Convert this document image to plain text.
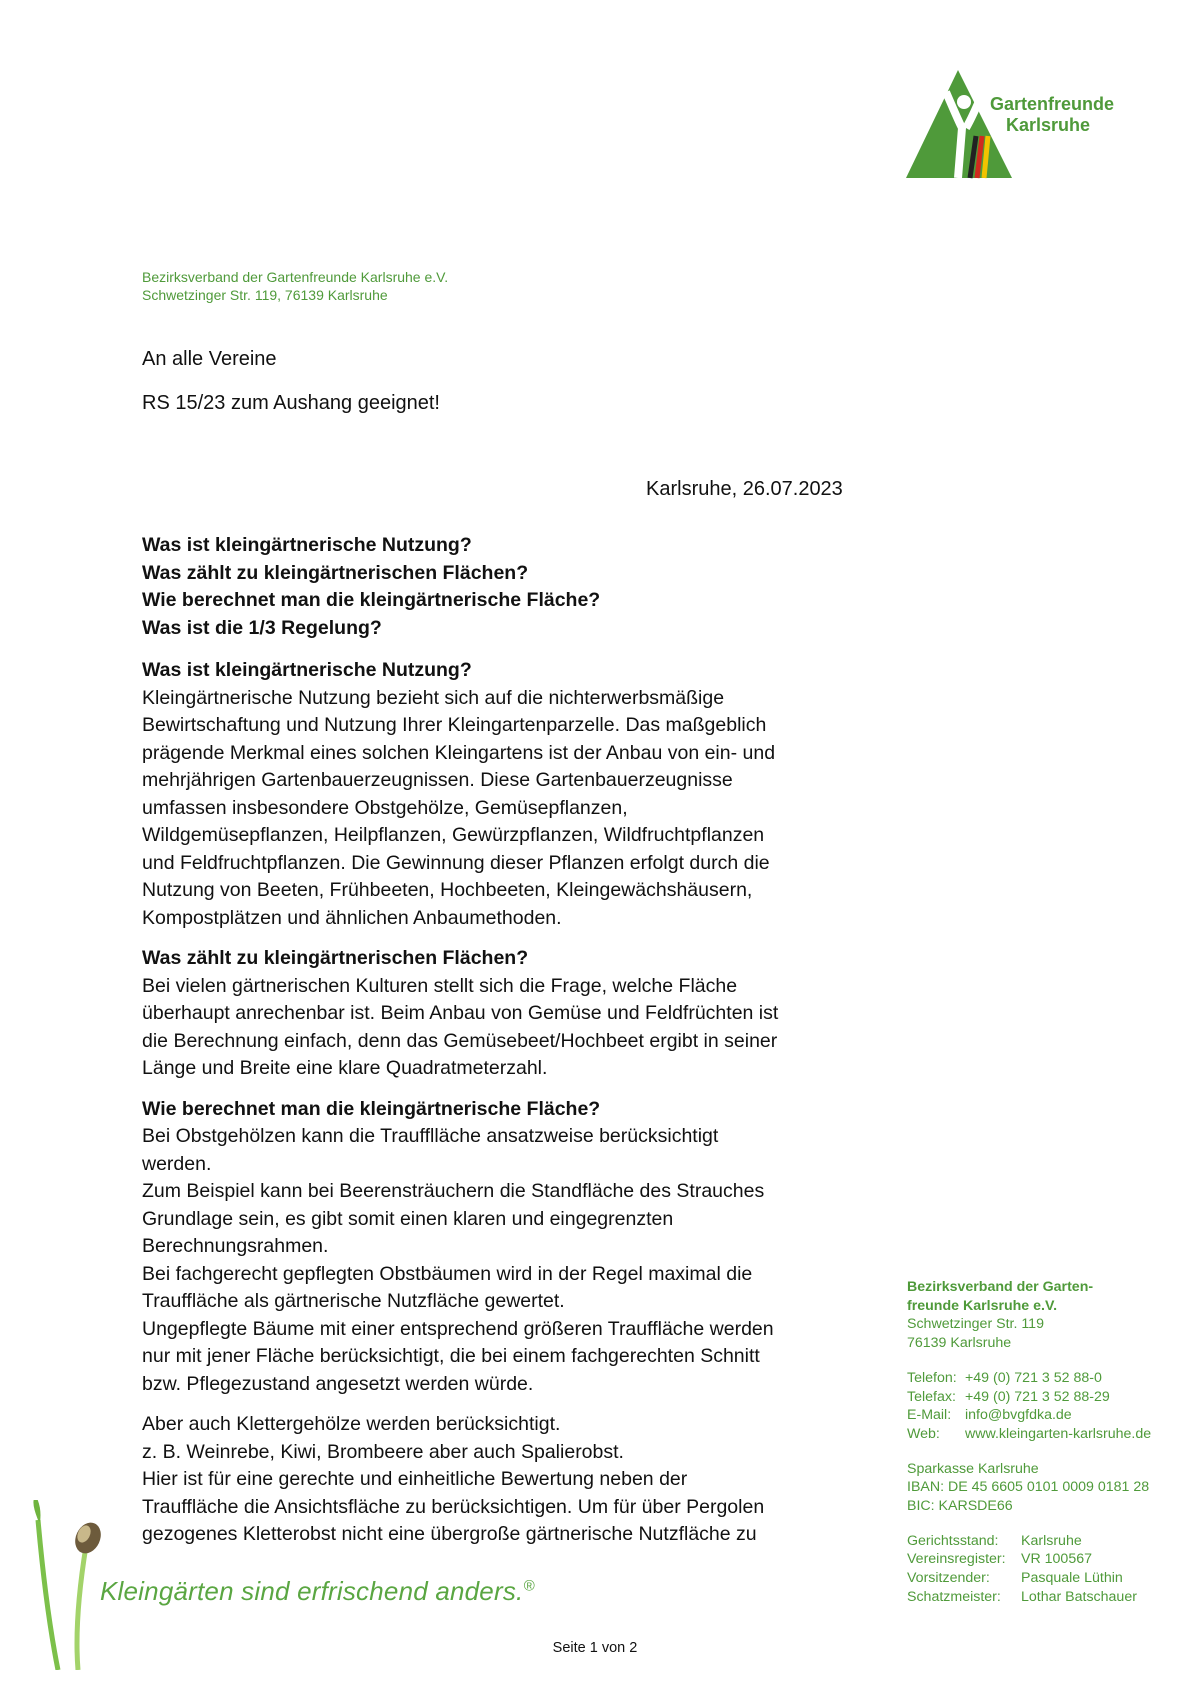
Gartenfreunde
Karlsruhe
Bezirksverband der Gartenfreunde Karlsruhe e.V.
Schwetzinger Str. 119, 76139 Karlsruhe
An alle Vereine
RS 15/23 zum Aushang geeignet!
Karlsruhe, 26.07.2023

Was ist kleingärtnerische Nutzung?

Was zählt zu kleingärtnerischen Flächen?

Wie berechnet man die kleingärtnerische Fläche?

Was ist die 1/3 Regelung?

Was ist kleingärtnerische Nutzung?

Kleingärtnerische Nutzung bezieht sich auf die nichterwerbsmäßige

Bewirtschaftung und Nutzung Ihrer Kleingartenparzelle. Das maßgeblich

prägende Merkmal eines solchen Kleingartens ist der Anbau von ein- und

mehrjährigen Gartenbauerzeugnissen. Diese Gartenbauerzeugnisse

umfassen insbesondere Obstgehölze, Gemüsepflanzen,

Wildgemüsepflanzen, Heilpflanzen, Gewürzpflanzen, Wildfruchtpflanzen

und Feldfruchtpflanzen. Die Gewinnung dieser Pflanzen erfolgt durch die

Nutzung von Beeten, Frühbeeten, Hochbeeten, Kleingewächshäusern,

Kompostplätzen und ähnlichen Anbaumethoden.

Was zählt zu kleingärtnerischen Flächen?

Bei vielen gärtnerischen Kulturen stellt sich die Frage, welche Fläche

überhaupt anrechenbar ist. Beim Anbau von Gemüse und Feldfrüchten ist

die Berechnung einfach, denn das Gemüsebeet/Hochbeet ergibt in seiner

Länge und Breite eine klare Quadratmeterzahl.

Wie berechnet man die kleingärtnerische Fläche?

Bei Obstgehölzen kann die Traufflläche ansatzweise berücksichtigt

werden.

Zum Beispiel kann bei Beerensträuchern die Standfläche des Strauches

Grundlage sein, es gibt somit einen klaren und eingegrenzten

Berechnungsrahmen.

Bei fachgerecht gepflegten Obstbäumen wird in der Regel maximal die

Trauffläche als gärtnerische Nutzfläche gewertet.

Ungepflegte Bäume mit einer entsprechend größeren Trauffläche werden

nur mit jener Fläche berücksichtigt, die bei einem fachgerechten Schnitt

bzw. Pflegezustand angesetzt werden würde.

Aber auch Klettergehölze werden berücksichtigt.

z. B. Weinrebe, Kiwi, Brombeere aber auch Spalierobst.

Hier ist für eine gerechte und einheitliche Bewertung neben der

Trauffläche die Ansichtsfläche zu berücksichtigen. Um für über Pergolen

gezogenes Kletterobst nicht eine übergroße gärtnerische Nutzfläche zu

Bezirksverband der Garten-
freunde Karlsruhe e.V.
Schwetzinger Str. 119
76139 Karlsruhe
Telefon: +49 (0) 721 3 52 88-0
Telefax: +49 (0) 721 3 52 88-29
E-Mail: info@bvgfdka.de
Web:	www.kleingarten-karlsruhe.de
Sparkasse Karlsruhe
IBAN: DE 45 6605 0101 0009 0181 28
BIC: KARSDE66
Gerichtsstand:	Karlsruhe
Vereinsregister:	VR 100567
Vorsitzender:	Pasquale Lüthin
Schatzmeister:	Lothar Batschauer
Kleingärten sind erfrischend anders.®
Seite 1 von 2
